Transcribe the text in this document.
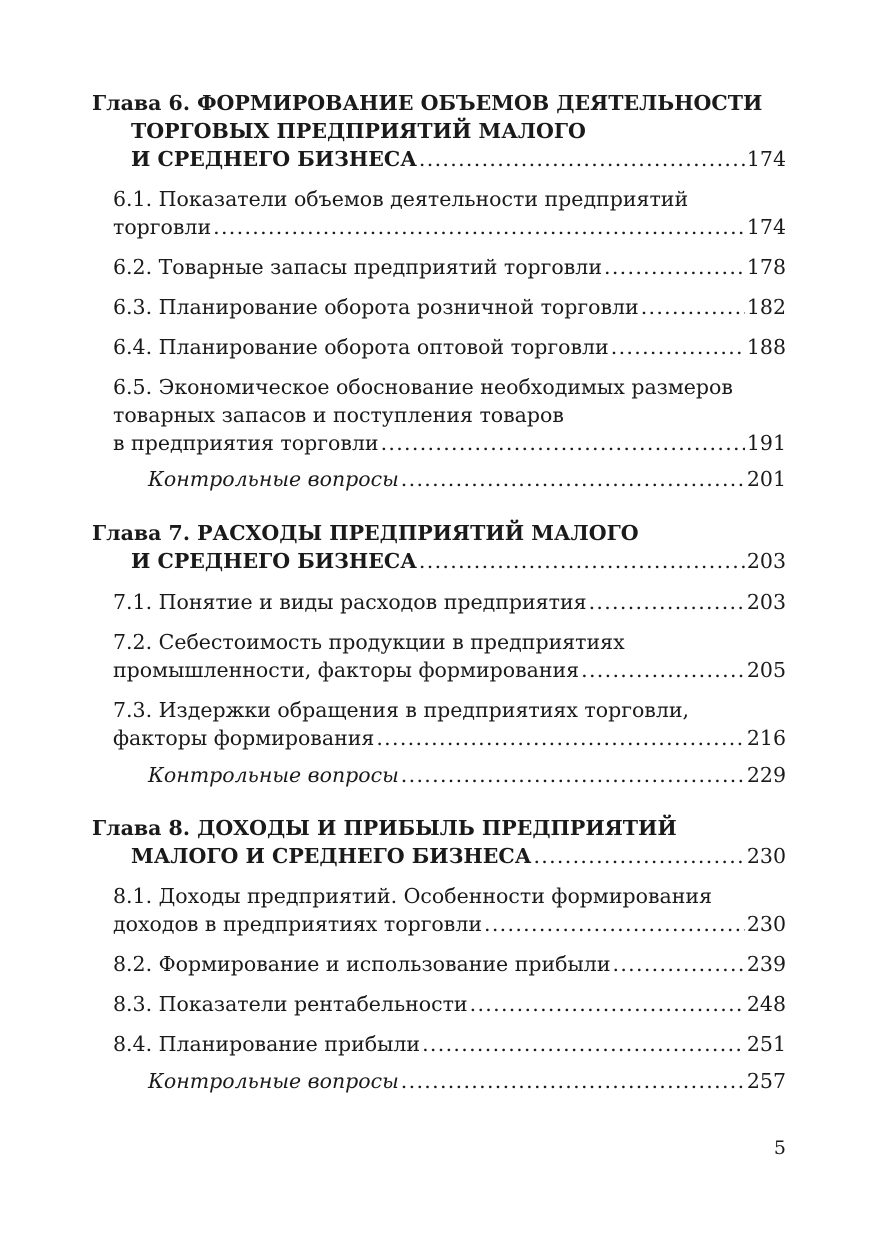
Глава 6. ФОРМИРОВАНИЕ ОБЪЕМОВ ДЕЯТЕЛЬНОСТИ
ТОРГОВЫХ ПРЕДПРИЯТИЙ МАЛОГО
И СРЕДНЕГО БИЗНЕСА . . .	174
6.1. Показатели объемов деятельности предприятий
торговли . . .	174
6.2. Товарные запасы предприятий торговли . . .	178
6.3. Планирование оборота розничной торговли . . .	182
6.4. Планирование оборота оптовой торговли . . .	188
6.5. Экономическое обоснование необходимых размеров
товарных запасов и поступления товаров
в предприятия торговли . . .	191
Контрольные вопросы . . .	201
Глава 7. РАСХОДЫ ПРЕДПРИЯТИЙ МАЛОГО
И СРЕДНЕГО БИЗНЕСА . . .	203
7.1. Понятие и виды расходов предприятия . . .	203
7.2. Себестоимость продукции в предприятиях
промышленности, факторы формирования . . .	205
7.3. Издержки обращения в предприятиях торговли,
факторы формирования . . .	216
Контрольные вопросы . . .	229
Глава 8. ДОХОДЫ И ПРИБЫЛЬ ПРЕДПРИЯТИЙ
МАЛОГО И СРЕДНЕГО БИЗНЕСА . . .	230
8.1. Доходы предприятий. Особенности формирования
доходов в предприятиях торговли . . .	230
8.2. Формирование и использование прибыли . . .	239
8.3. Показатели рентабельности . . .	248
8.4. Планирование прибыли . . .	251
Контрольные вопросы . . .	257
5
